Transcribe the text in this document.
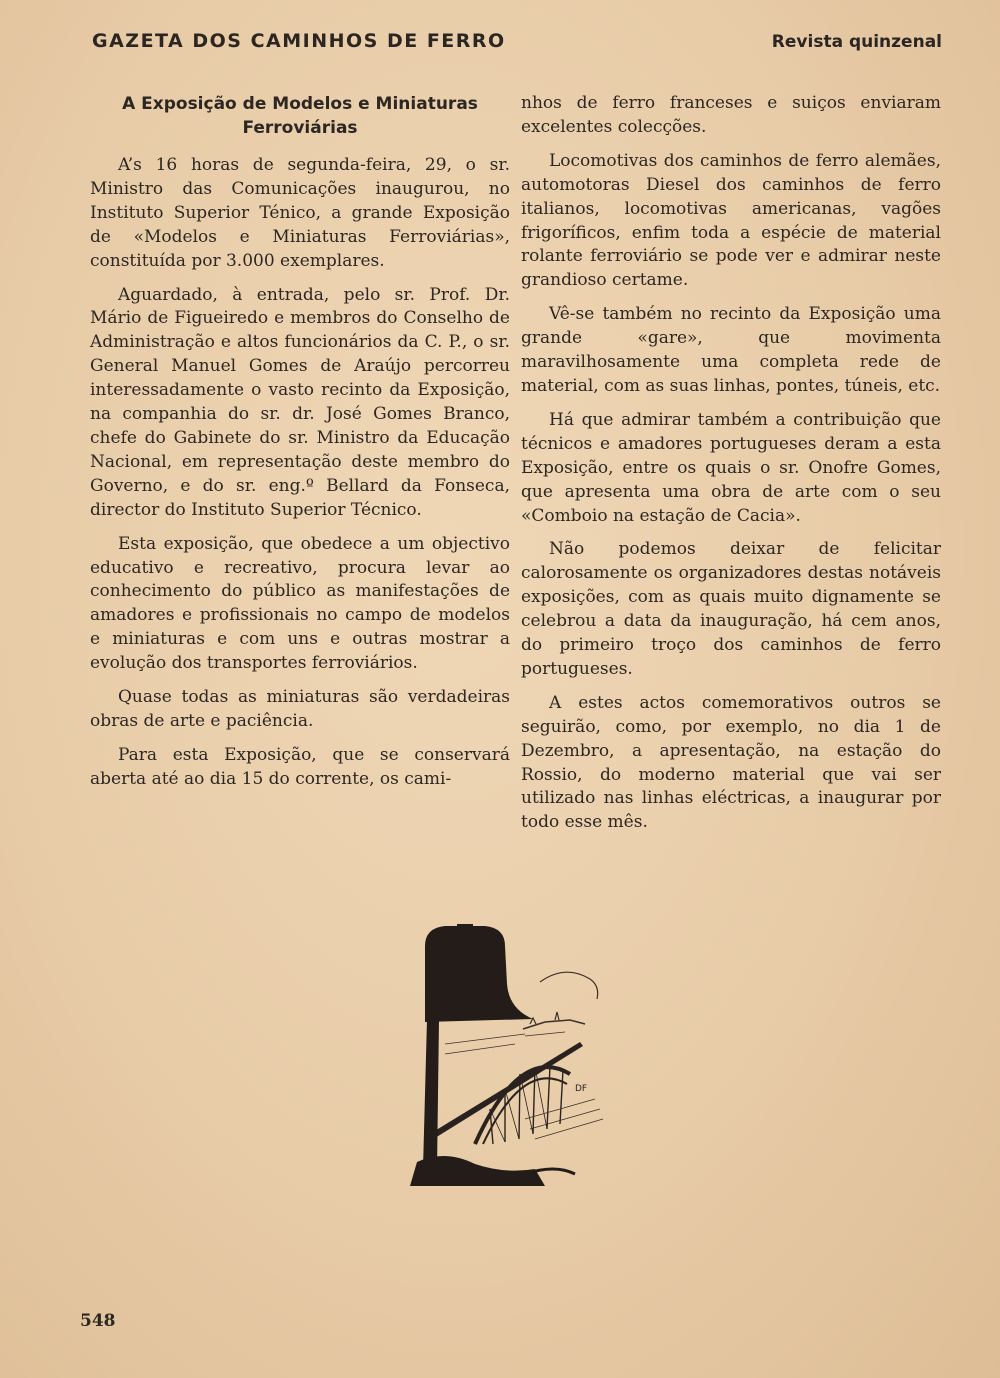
GAZETA DOS CAMINHOS DE FERRO	Revista quinzenal
A Exposição de Modelos e Miniaturas Ferroviárias

A’s 16 horas de segunda-feira, 29, o sr. Ministro das Comunicações inaugurou, no Instituto Superior Ténico, a grande Exposição de «Modelos e Miniaturas Ferroviárias», constituída por 3.000 exemplares.

Aguardado, à entrada, pelo sr. Prof. Dr. Mário de Figueiredo e membros do Conselho de Administração e altos funcionários da C. P., o sr. General Manuel Gomes de Araújo percorreu interessadamente o vasto recinto da Exposição, na companhia do sr. dr. José Gomes Branco, chefe do Gabinete do sr. Ministro da Educação Nacional, em representação deste membro do Governo, e do sr. eng.º Bellard da Fonseca, director do Instituto Superior Técnico.

Esta exposição, que obedece a um objectivo educativo e recreativo, procura levar ao conhecimento do público as manifestações de amadores e profissionais no campo de modelos e miniaturas e com uns e outras mostrar a evolução dos transportes ferroviários.

Quase todas as miniaturas são verdadeiras obras de arte e paciência.

Para esta Exposição, que se conservará aberta até ao dia 15 do corrente, os cami-

nhos de ferro franceses e suiços enviaram excelentes colecções.

Locomotivas dos caminhos de ferro alemães, automotoras Diesel dos caminhos de ferro italianos, locomotivas americanas, vagões frigoríficos, enfim toda a espécie de material rolante ferroviário se pode ver e admirar neste grandioso certame.

Vê-se também no recinto da Exposição uma grande «gare», que movimenta maravilhosamente uma completa rede de material, com as suas linhas, pontes, túneis, etc.

Há que admirar também a contribuição que técnicos e amadores portugueses deram a esta Exposição, entre os quais o sr. Onofre Gomes, que apresenta uma obra de arte com o seu «Comboio na estação de Cacia».

Não podemos deixar de felicitar calorosamente os organizadores destas notáveis exposições, com as quais muito dignamente se celebrou a data da inauguração, há cem anos, do primeiro troço dos caminhos de ferro portugueses.

A estes actos comemorativos outros se seguirão, como, por exemplo, no dia 1 de Dezembro, a apresentação, na estação do Rossio, do moderno material que vai ser utilizado nas linhas eléctricas, a inaugurar por todo esse mês.

DF
548
